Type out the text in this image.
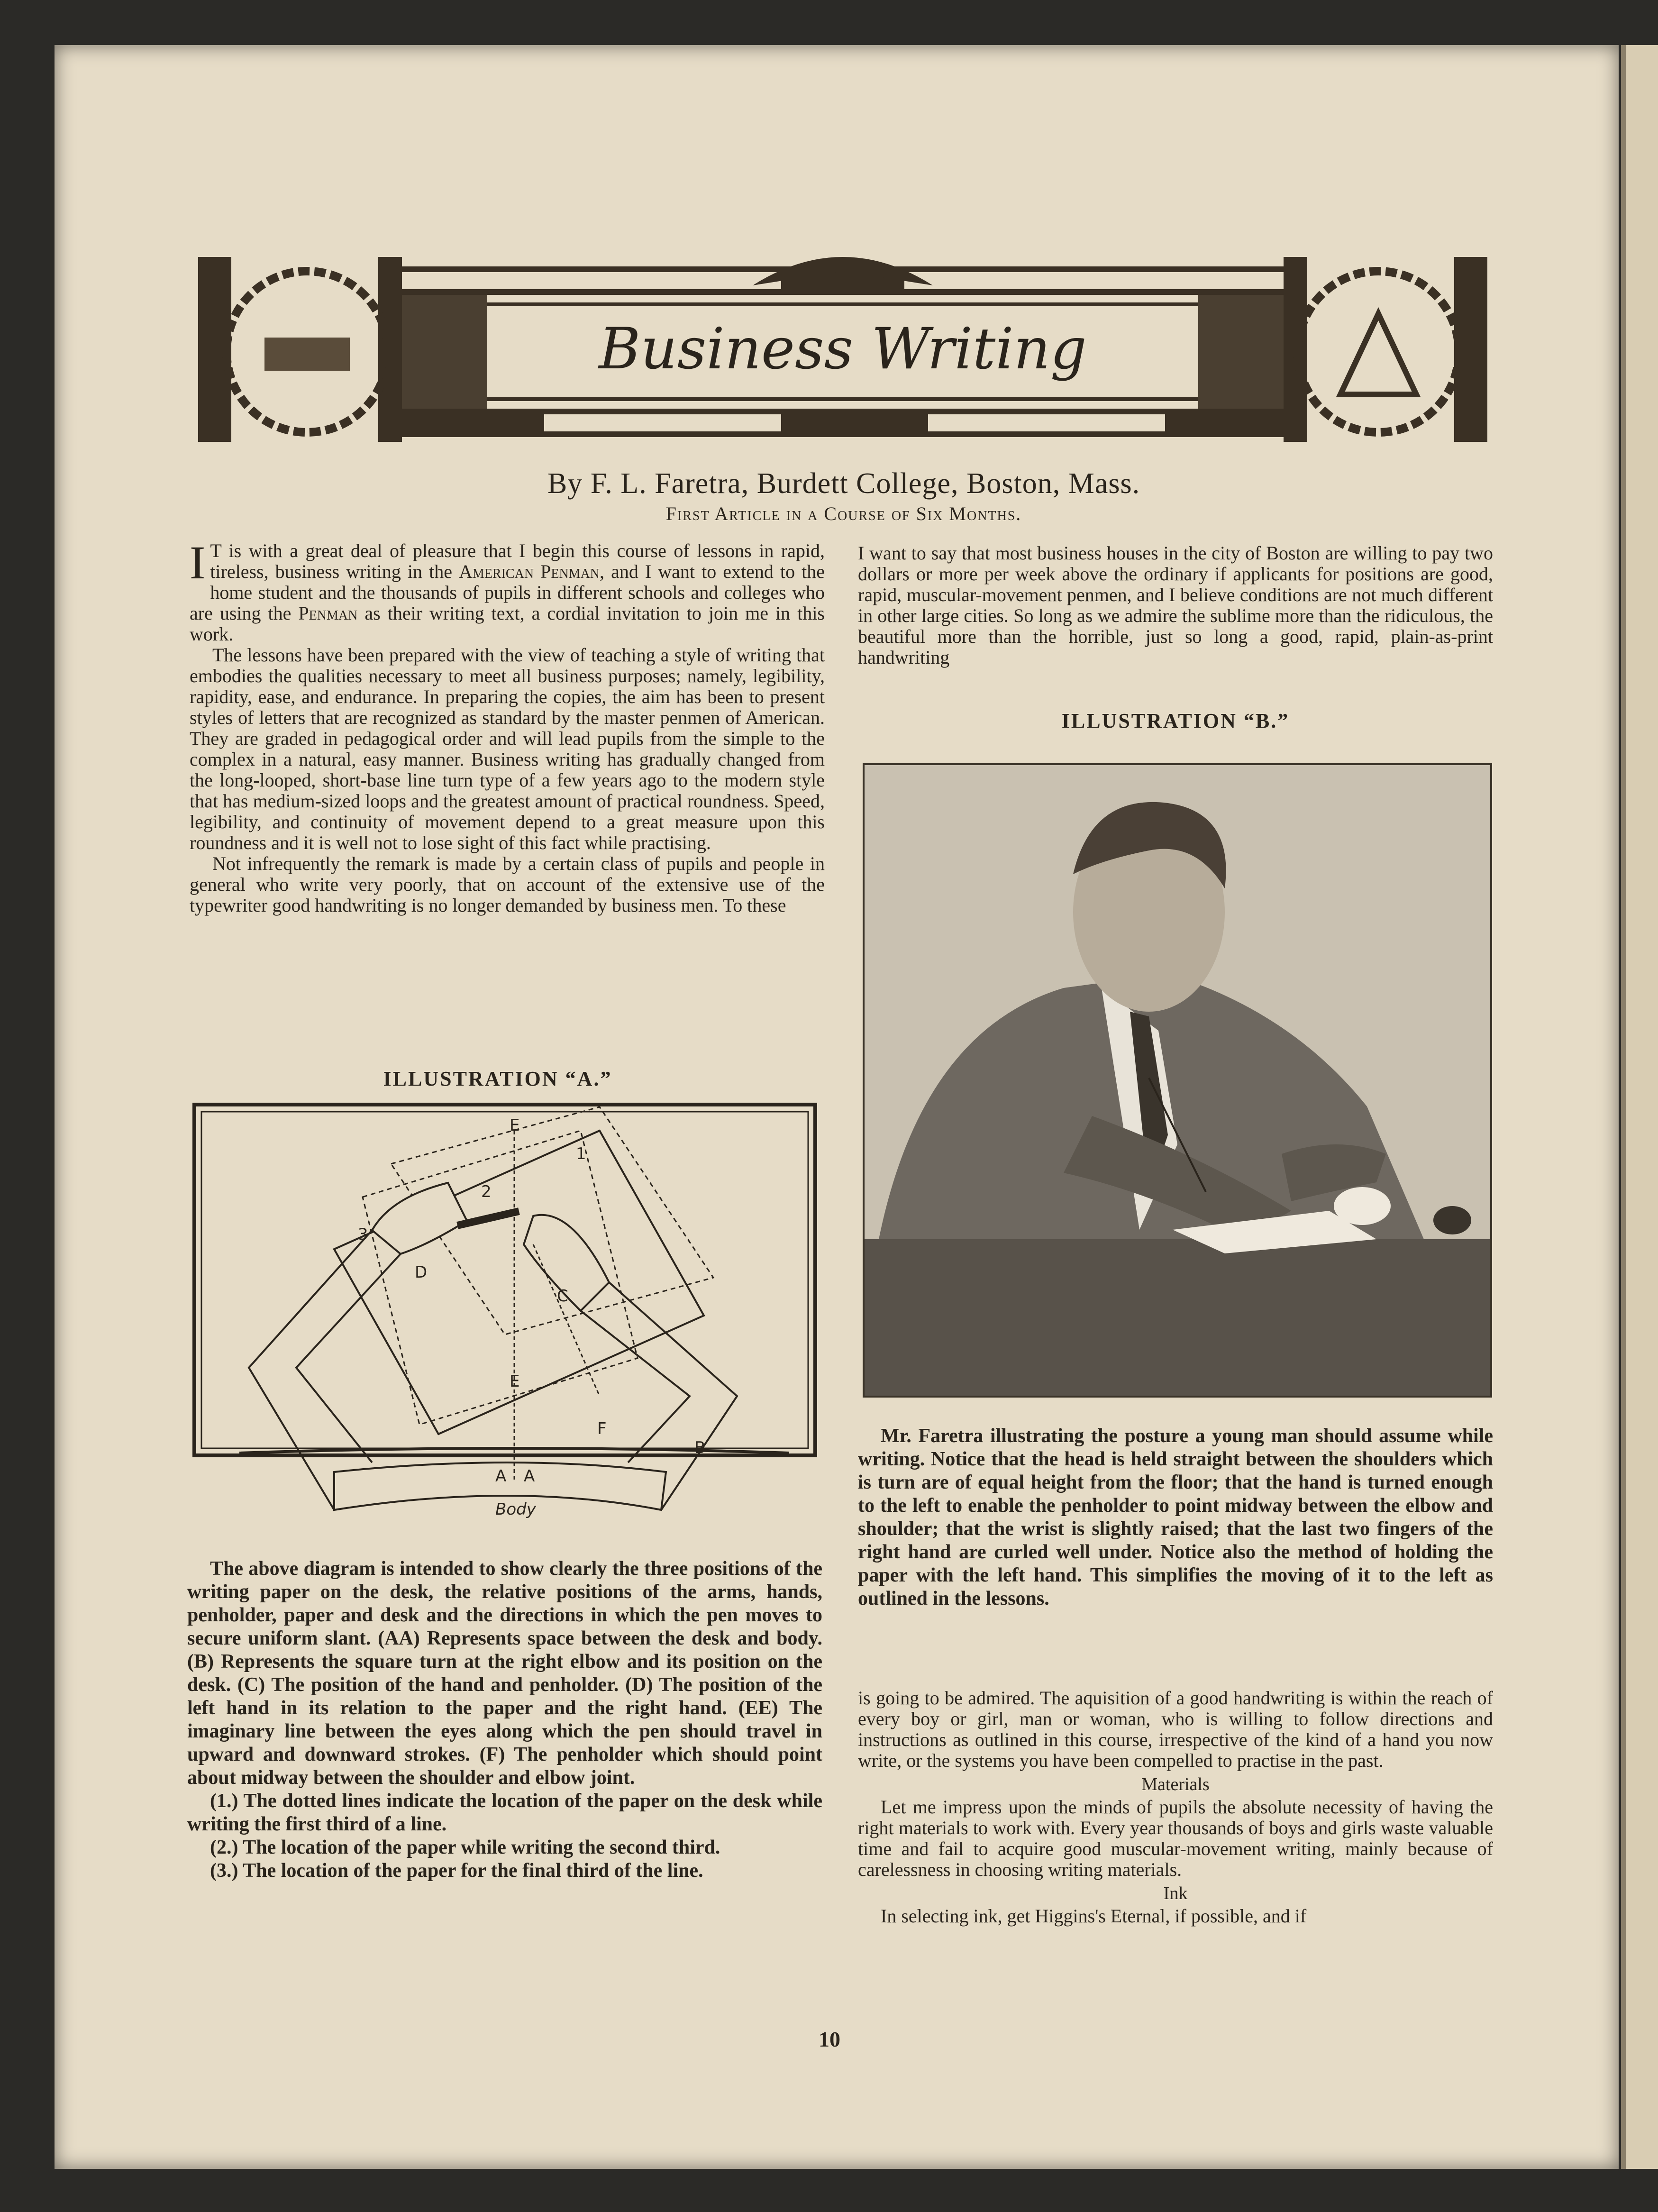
Business Writing
By F. L. Faretra, Burdett College, Boston, Mass.
First Article in a Course of Six Months.

I T is with a great deal of pleasure that I begin this course of lessons in rapid, tireless, business writing in the American Penman, and I want to extend to the home student and the thousands of pupils in different schools and colleges who are using the Penman as their writing text, a cordial invitation to join me in this work.

The lessons have been prepared with the view of teaching a style of writing that embodies the qualities necessary to meet all business purposes; namely, legibility, rapidity, ease, and endurance. In preparing the copies, the aim has been to present styles of letters that are recognized as standard by the master penmen of American. They are graded in pedagogical order and will lead pupils from the simple to the complex in a natural, easy manner. Business writing has gradually changed from the long-looped, short-base line turn type of a few years ago to the modern style that has medium-sized loops and the greatest amount of practical roundness. Speed, legibility, and continuity of movement depend to a great measure upon this roundness and it is well not to lose sight of this fact while practising.

Not infrequently the remark is made by a certain class of pupils and people in general who write very poorly, that on account of the extensive use of the typewriter good handwriting is no longer demanded by business men. To these

ILLUSTRATION “A.”
E
E
1
2
3
D
C
F
B
A A
Body

The above diagram is intended to show clearly the three positions of the writing paper on the desk, the relative positions of the arms, hands, penholder, paper and desk and the directions in which the pen moves to secure uniform slant. (AA) Represents space between the desk and body. (B) Represents the square turn at the right elbow and its position on the desk. (C) The position of the hand and penholder. (D) The position of the left hand in its relation to the paper and the right hand. (EE) The imaginary line between the eyes along which the pen should travel in upward and downward strokes. (F) The penholder which should point about midway between the shoulder and elbow joint.

(1.) The dotted lines indicate the location of the paper on the desk while writing the first third of a line.

(2.) The location of the paper while writing the second third.

(3.) The location of the paper for the final third of the line.

I want to say that most business houses in the city of Boston are willing to pay two dollars or more per week above the ordinary if applicants for positions are good, rapid, muscular-movement penmen, and I believe conditions are not much different in other large cities. So long as we admire the sublime more than the ridiculous, the beautiful more than the horrible, just so long a good, rapid, plain-as-print handwriting

ILLUSTRATION “B.”

Mr. Faretra illustrating the posture a young man should assume while writing. Notice that the head is held straight between the shoulders which is turn are of equal height from the floor; that the hand is turned enough to the left to enable the penholder to point midway between the elbow and shoulder; that the wrist is slightly raised; that the last two fingers of the right hand are curled well under. Notice also the method of holding the paper with the left hand. This simplifies the moving of it to the left as outlined in the lessons.

is going to be admired. The aquisition of a good handwriting is within the reach of every boy or girl, man or woman, who is willing to follow directions and instructions as outlined in this course, irrespective of the kind of a hand you now write, or the systems you have been compelled to practise in the past.

Materials

Let me impress upon the minds of pupils the absolute necessity of having the right materials to work with. Every year thousands of boys and girls waste valuable time and fail to acquire good muscular-movement writing, mainly because of carelessness in choosing writing materials.

Ink

In selecting ink, get Higgins's Eternal, if possible, and if

10
